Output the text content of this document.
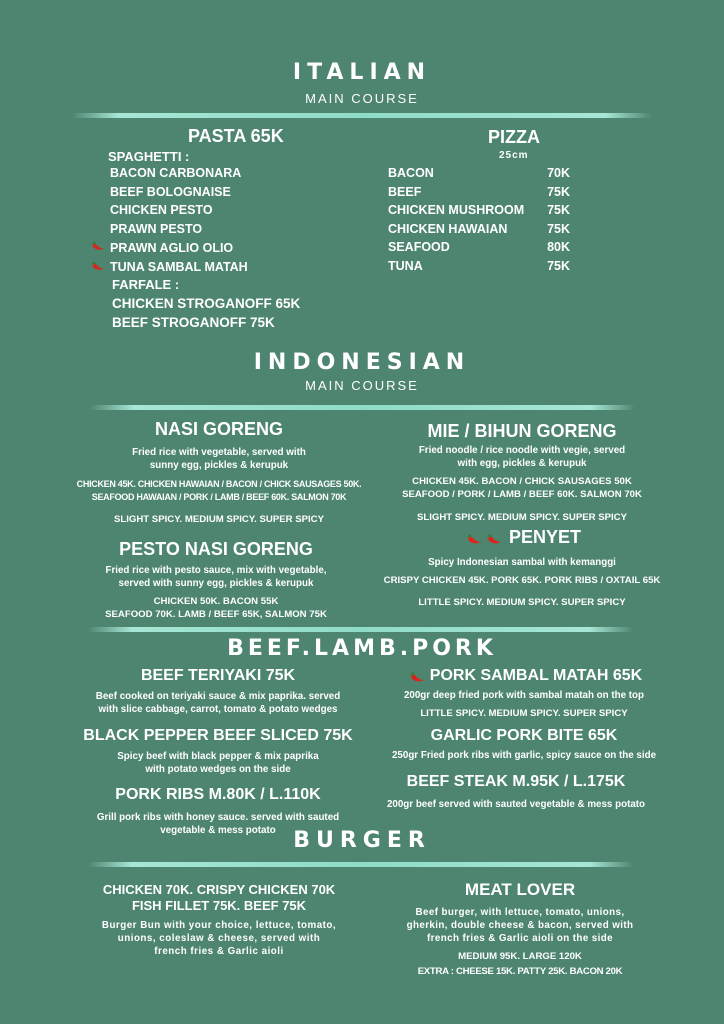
ITALIAN
MAIN COURSE
PASTA 65K
SPAGHETTI :
BACON CARBONARA
BEEF BOLOGNAISE
CHICKEN PESTO
PRAWN PESTO
PRAWN AGLIO OLIO
TUNA SAMBAL MATAH
FARFALE :
CHICKEN STROGANOFF 65K
BEEF STROGANOFF 75K
PIZZA
25cm
BACON	70K
BEEF	75K
CHICKEN MUSHROOM 75K
CHICKEN HAWAIAN	75K
SEAFOOD	80K
TUNA	75K
INDONESIAN
MAIN COURSE
NASI GORENG
Fried rice with vegetable, served with
sunny egg, pickles & kerupuk
CHICKEN 45K. CHICKEN HAWAIAN / BACON / CHICK SAUSAGES 50K.
SEAFOOD HAWAIAN / PORK / LAMB / BEEF 60K. SALMON 70K
SLIGHT SPICY. MEDIUM SPICY. SUPER SPICY
PESTO NASI GORENG
Fried rice with pesto sauce, mix with vegetable,
served with sunny egg, pickles & kerupuk
CHICKEN 50K. BACON 55K
SEAFOOD 70K. LAMB / BEEF 65K, SALMON 75K
MIE / BIHUN GORENG
Fried noodle / rice noodle with vegie, served
with egg, pickles & kerupuk
CHICKEN 45K. BACON / CHICK SAUSAGES 50K
SEAFOOD / PORK / LAMB / BEEF 60K. SALMON 70K
SLIGHT SPICY. MEDIUM SPICY. SUPER SPICY
PENYET
Spicy Indonesian sambal with kemanggi
CRISPY CHICKEN 45K. PORK 65K. PORK RIBS / OXTAIL 65K
LITTLE SPICY. MEDIUM SPICY. SUPER SPICY
BEEF.LAMB.PORK
BEEF TERIYAKI 75K
Beef cooked on teriyaki sauce & mix paprika. served
with slice cabbage, carrot, tomato & potato wedges
BLACK PEPPER BEEF SLICED 75K
Spicy beef with black pepper & mix paprika
with potato wedges on the side
PORK RIBS M.80K / L.110K
Grill pork ribs with honey sauce. served with sauted
vegetable & mess potato
PORK SAMBAL MATAH 65K
200gr deep fried pork with sambal matah on the top
LITTLE SPICY. MEDIUM SPICY. SUPER SPICY
GARLIC PORK BITE 65K
250gr Fried pork ribs with garlic, spicy sauce on the side
BEEF STEAK M.95K / L.175K
200gr beef served with sauted vegetable & mess potato
BURGER
CHICKEN 70K. CRISPY CHICKEN 70K
FISH FILLET 75K. BEEF 75K
Burger Bun with your choice, lettuce, tomato,
unions, coleslaw & cheese, served with
french fries & Garlic aioli
MEAT LOVER
Beef burger, with lettuce, tomato, unions,
gherkin, double cheese & bacon, served with
french fries & Garlic aioli on the side
MEDIUM 95K. LARGE 120K
EXTRA : CHEESE 15K. PATTY 25K. BACON 20K
